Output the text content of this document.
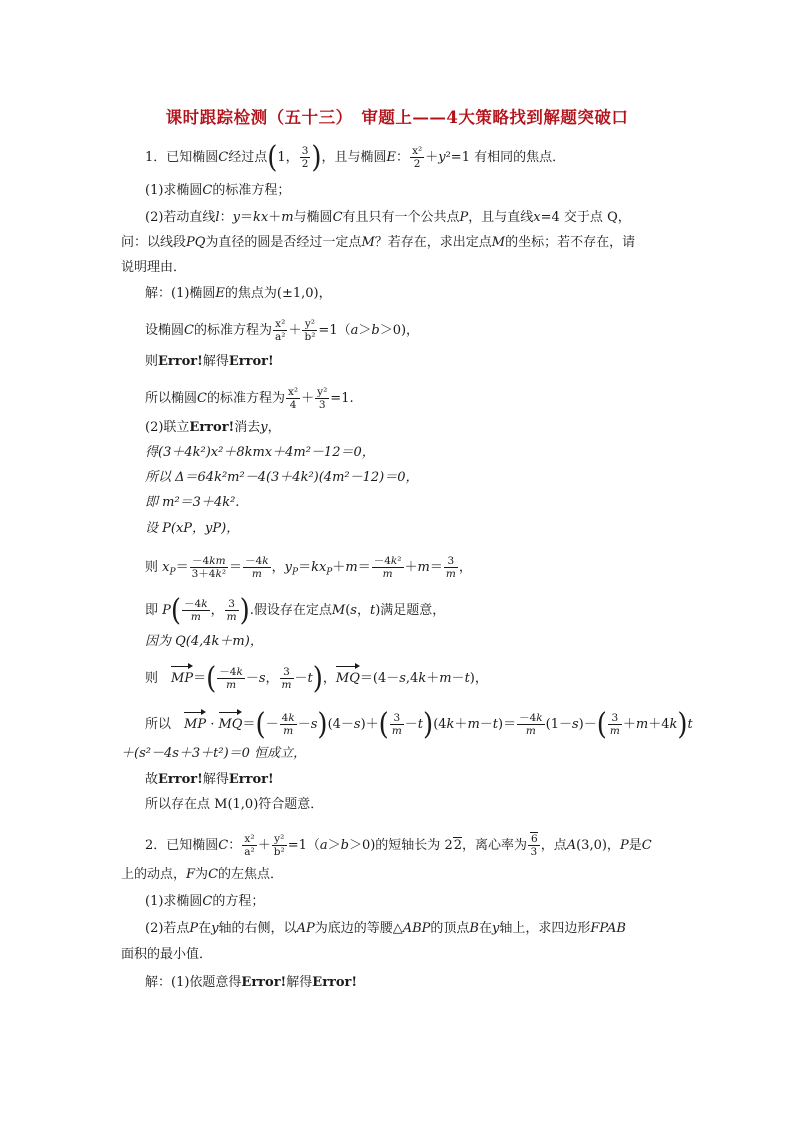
课时跟踪检测（五十三）　审题上——4大策略找到解题突破口
1．已知椭圆C经过点(1， $\frac{3}{2}$ )，且与椭圆E： $\frac{\text{x²}}{2} +y^2=1$ 有相同的焦点．
(1)求椭圆C的标准方程；
(2)若动直线l：y＝kx＋m与椭圆C有且只有一个公共点P，且与直线x=4 交于点 Q，
问：以线段PQ为直径的圆是否经过一定点M？若存在，求出定点M的坐标；若不存在，请
说明理由．
解：(1)椭圆E的焦点为(±1,0)，
设椭圆C的标准方程为 $\frac{\text{x²}}{\text{a²}} + \frac{\text{y²}}{\text{b²}} =1(a>b>0)$，
则Error!解得Error!
所以椭圆C的标准方程为 $\frac{\text{x²}}{4} + \frac{\text{y²}}{3} =1$.
(2)联立Error!消去y，
得(3＋4k²)x²＋8kmx＋4m²－12＝0，
所以 Δ＝64k²m²－4(3＋4k²)(4m²－12)＝0，
即 m²＝3＋4k².
设 P(xP，yP)，
则 $x_P= \frac{-4km}{\text{3＋4k²}} = \frac{-4k}{m}$ ，$y_P=kx_P+m= \frac{\text{－4k²}}{m} +m= \frac{3}{m}$ ，
即 $P( \frac{-4k}{m}$ ， $\frac{3}{m}$ ).假设存在定点M(s，t)满足题意，
因为 Q(4,4k＋m)，
则　 $MP=( \frac{-4k}{m} -s$， $\frac{3}{m} -t$)，MQ＝(4－s,4k＋m－t)，
所以　 MP · $MQ=(- \frac{4k}{m} -s)(4-s)+( \frac{3}{m} -t)(4k+m-t)= \frac{-4k}{m} (1-s)-( \frac{3}{m} +m+4k)t$
＋(s²－4s＋3＋t²)＝0 恒成立，
故Error!解得Error!
所以存在点 M(1,0)符合题意．
2．已知椭圆C： $\frac{\text{x²}}{\text{a²}} + \frac{\text{y²}}{\text{b²}} =1(a>b>0)$的短轴长为 22，离心率为 $\frac{6}{3}$ ，点A(3,0)，P是C
上的动点，F为C的左焦点．
(1)求椭圆C的方程；
(2)若点P在y轴的右侧，以AP为底边的等腰△ABP的顶点B在y轴上，求四边形FPAB
面积的最小值．
解：(1)依题意得Error!解得Error!
